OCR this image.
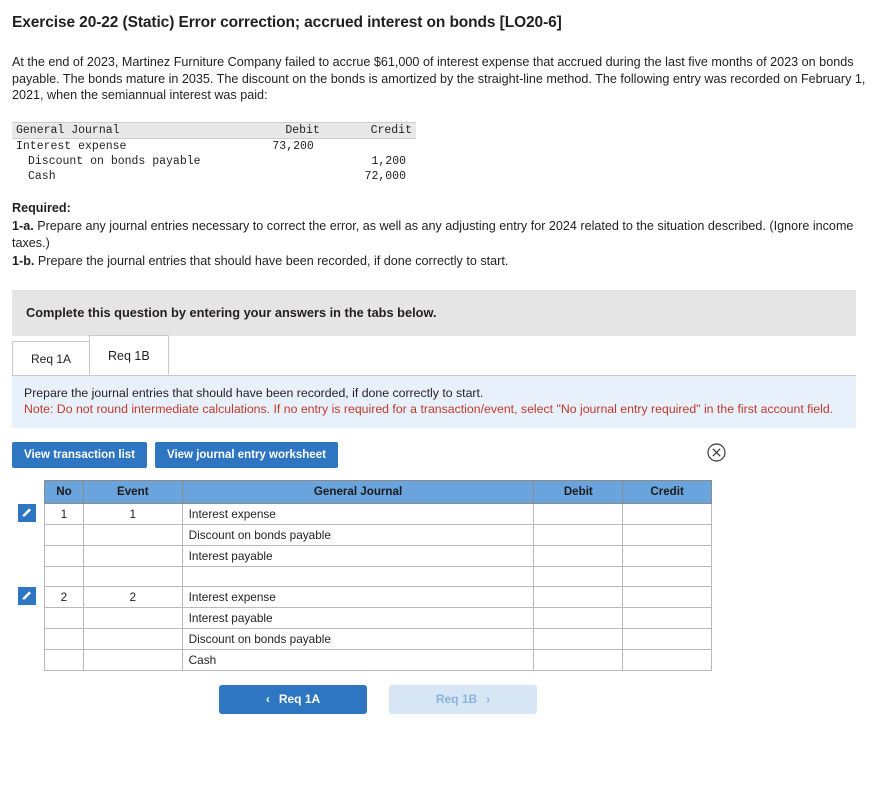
Exercise 20-22 (Static) Error correction; accrued interest on bonds [LO20-6]
At the end of 2023, Martinez Furniture Company failed to accrue $61,000 of interest expense that accrued during the last five months of 2023 on bonds payable. The bonds mature in 2035. The discount on the bonds is amortized by the straight-line method. The following entry was recorded on February 1, 2021, when the semiannual interest was paid:
General Journal	Debit	Credit
Interest expense	73,200	
Discount on bonds payable		1,200
Cash		72,000
Required:
1-a. Prepare any journal entries necessary to correct the error, as well as any adjusting entry for 2024 related to the situation described. (Ignore income taxes.)
1-b. Prepare the journal entries that should have been recorded, if done correctly to start.
Complete this question by entering your answers in the tabs below.
Req 1A	Req 1B
Prepare the journal entries that should have been recorded, if done correctly to start.
Note: Do not round intermediate calculations. If no entry is required for a transaction/event, select "No journal entry required" in the first account field.
View transaction list	View journal entry worksheet
No	Event	General Journal	Debit	Credit
1	1	Interest expense		
		Discount on bonds payable		
		Interest payable		

2	2	Interest expense		
		Interest payable		
		Discount on bonds payable		
		Cash		
‹ Req 1A	Req 1B ›
